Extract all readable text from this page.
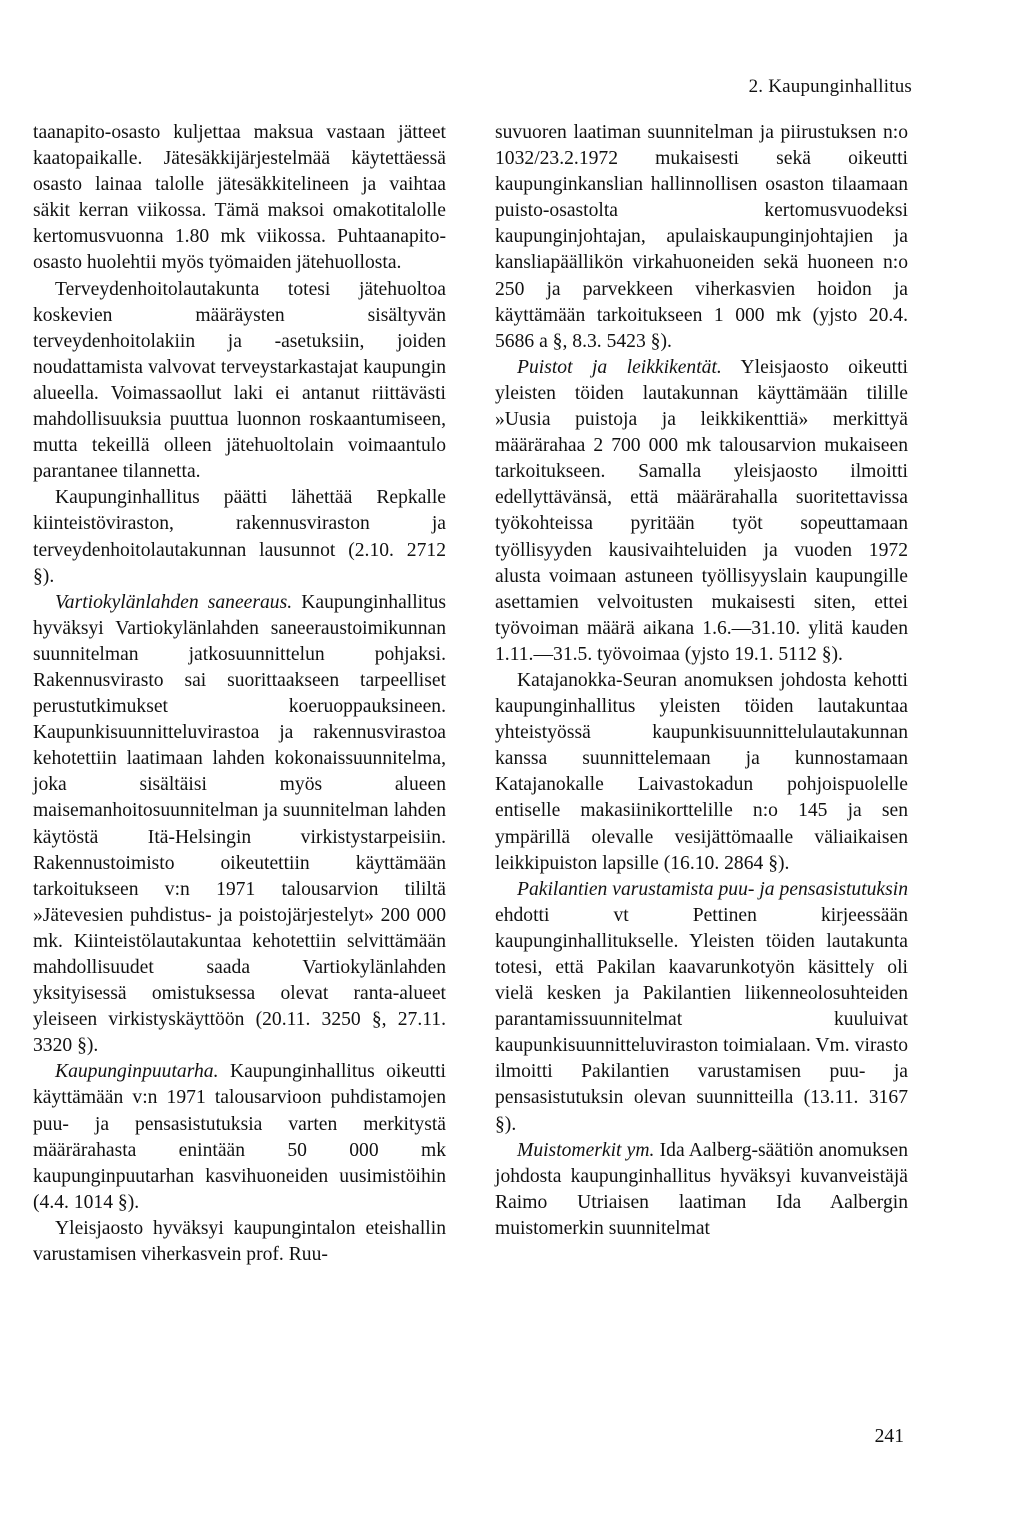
2. Kaupunginhallitus

taanapito-osasto kuljettaa maksua vastaan jätteet kaatopaikalle. Jätesäkkijärjestelmää käytettäessä osasto lainaa talolle jätesäkkitelineen ja vaihtaa säkit kerran viikossa. Tämä maksoi omakotitalolle kertomusvuonna 1.80 mk viikossa. Puhtaanapito-osasto huolehtii myös työmaiden jätehuollosta.

Terveydenhoitolautakunta totesi jätehuoltoa koskevien määräysten sisältyvän terveydenhoitolakiin ja -asetuksiin, joiden noudattamista valvovat terveystarkastajat kaupungin alueella. Voimassaollut laki ei antanut riittävästi mahdollisuuksia puuttua luonnon roskaantumiseen, mutta tekeillä olleen jätehuoltolain voimaantulo parantanee tilannetta.

Kaupunginhallitus päätti lähettää Repkalle kiinteistöviraston, rakennusviraston ja terveydenhoitolautakunnan lausunnot (2.10. 2712 §).

Vartiokylänlahden saneeraus. Kaupunginhallitus hyväksyi Vartiokylänlahden saneeraustoimikunnan suunnitelman jatkosuunnittelun pohjaksi. Rakennusvirasto sai suorittaakseen tarpeelliset perustutkimukset koeruoppauksineen. Kaupunkisuunnitteluvirastoa ja rakennusvirastoa kehotettiin laatimaan lahden kokonaissuunnitelma, joka sisältäisi myös alueen maisemanhoitosuunnitelman ja suunnitelman lahden käytöstä Itä-Helsingin virkistystarpeisiin. Rakennustoimisto oikeutettiin käyttämään tarkoitukseen v:n 1971 talousarvion tililtä »Jätevesien puhdistus- ja poistojärjestelyt» 200 000 mk. Kiinteistölautakuntaa kehotettiin selvittämään mahdollisuudet saada Vartiokylänlahden yksityisessä omistuksessa olevat ranta-alueet yleiseen virkistyskäyttöön (20.11. 3250 §, 27.11. 3320 §).

Kaupunginpuutarha. Kaupunginhallitus oikeutti käyttämään v:n 1971 talousarvioon puhdistamojen puu- ja pensasistutuksia varten merkitystä määrärahasta enintään 50 000 mk kaupunginpuutarhan kasvihuoneiden uusimistöihin (4.4. 1014 §).

Yleisjaosto hyväksyi kaupungintalon eteishallin varustamisen viherkasvein prof. Ruu-

suvuoren laatiman suunnitelman ja piirustuksen n:o 1032/23.2.1972 mukaisesti sekä oikeutti kaupunginkanslian hallinnollisen osaston tilaamaan puisto-osastolta kertomusvuodeksi kaupunginjohtajan, apulaiskaupunginjohtajien ja kansliapäällikön virkahuoneiden sekä huoneen n:o 250 ja parvekkeen viherkasvien hoidon ja käyttämään tarkoitukseen 1 000 mk (yjsto 20.4. 5686 a §, 8.3. 5423 §).

Puistot ja leikkikentät. Yleisjaosto oikeutti yleisten töiden lautakunnan käyttämään tilille »Uusia puistoja ja leikkikenttiä» merkittyä määrärahaa 2 700 000 mk talousarvion mukaiseen tarkoitukseen. Samalla yleisjaosto ilmoitti edellyttävänsä, että määrärahalla suoritettavissa työkohteissa pyritään työt sopeuttamaan työllisyyden kausivaihteluiden ja vuoden 1972 alusta voimaan astuneen työllisyyslain kaupungille asettamien velvoitusten mukaisesti siten, ettei työvoiman määrä aikana 1.6.—31.10. ylitä kauden 1.11.—31.5. työvoimaa (yjsto 19.1. 5112 §).

Katajanokka-Seuran anomuksen johdosta kehotti kaupunginhallitus yleisten töiden lautakuntaa yhteistyössä kaupunkisuunnittelulautakunnan kanssa suunnittelemaan ja kunnostamaan Katajanokalle Laivastokadun pohjoispuolelle entiselle makasiinikorttelille n:o 145 ja sen ympärillä olevalle vesijättömaalle väliaikaisen leikkipuiston lapsille (16.10. 2864 §).

Pakilantien varustamista puu- ja pensasistutuksin ehdotti vt Pettinen kirjeessään kaupunginhallitukselle. Yleisten töiden lautakunta totesi, että Pakilan kaavarunkotyön käsittely oli vielä kesken ja Pakilantien liikenneolosuhteiden parantamissuunnitelmat kuuluivat kaupunkisuunnitteluviraston toimialaan. Vm. virasto ilmoitti Pakilantien varustamisen puu- ja pensasistutuksin olevan suunnitteilla (13.11. 3167 §).

Muistomerkit ym. Ida Aalberg-säätiön anomuksen johdosta kaupunginhallitus hyväksyi kuvanveistäjä Raimo Utriaisen laatiman Ida Aalbergin muistomerkin suunnitelmat

241
